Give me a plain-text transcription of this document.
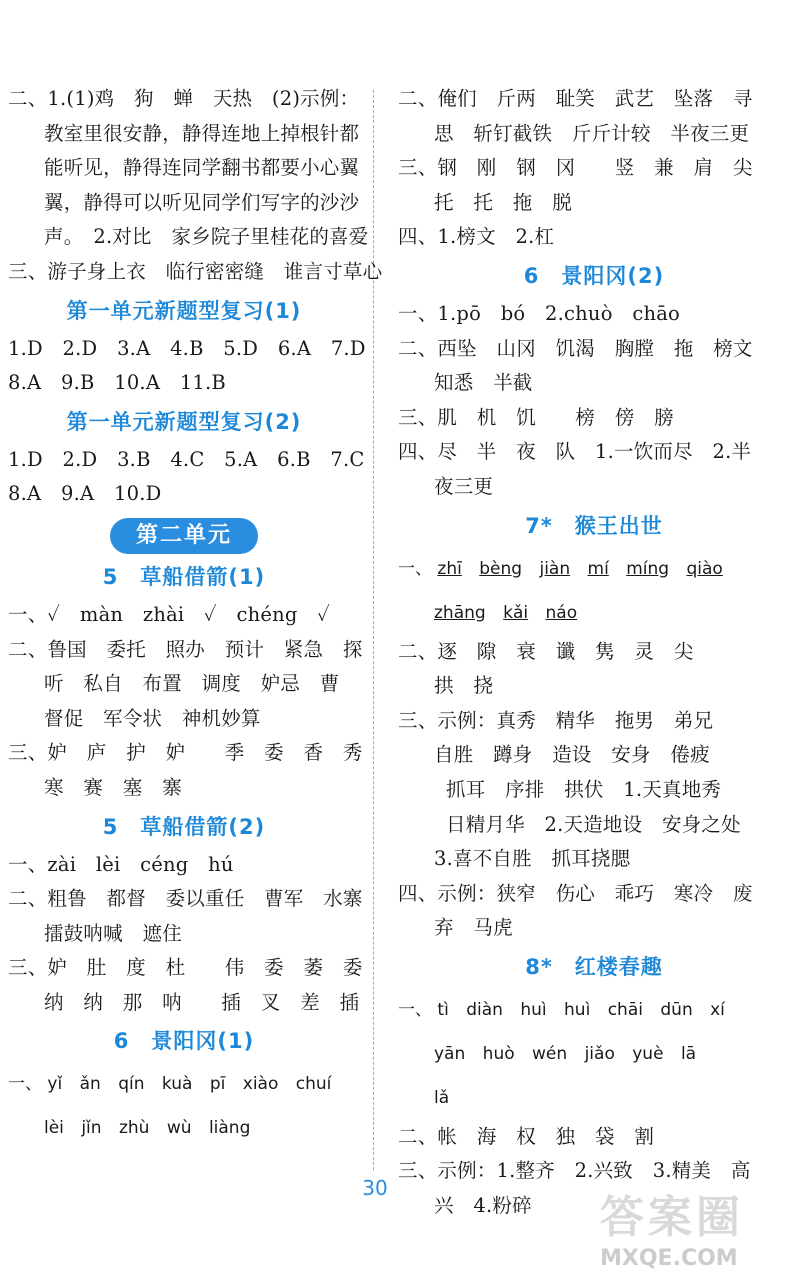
二、1.(1)鸡　狗　蝉　天热　(2)示例：
教室里很安静，静得连地上掉根针都
能听见，静得连同学翻书都要小心翼
翼，静得可以听见同学们写字的沙沙
声。　2.对比　家乡院子里桂花的喜爱
三、游子身上衣　临行密密缝　谁言寸草心
第一单元新题型复习(1)
1.D　2.D　3.A　4.B　5.D　6.A　7.D
8.A　9.B　10.A　11.B
第一单元新题型复习(2)
1.D　2.D　3.B　4.C　5.A　6.B　7.C
8.A　9.A　10.D
第二单元
5　草船借箭(1)
一、✓　màn　zhài　✓　chéng　✓
二、鲁国　委托　照办　预计　紧急　探
听　私自　布置　调度　妒忌　曹
督促　军令状　神机妙算
三、妒　庐　护　妒　　季　委　香　秀
寒　赛　塞　寨
5　草船借箭(2)
一、zài　lèi　céng　hú
二、粗鲁　都督　委以重任　曹军　水寨
擂鼓呐喊　遮住
三、妒　肚　度　杜　　伟　委　萎　委
纳　纳　那　呐　　插　叉　差　插
6　景阳冈(1)
一、 yǐ ǎn qín kuà pī xiào chuí
lèi jǐn zhù wù liàng
二、俺们　斤两　耻笑　武艺　坠落　寻
思　斩钉截铁　斤斤计较　半夜三更
三、钢　刚　钢　冈　　竖　兼　肩　尖
托　托　拖　脱
四、1.榜文　2.杠
6　景阳冈(2)
一、1.pō　bó　2.chuò　chāo
二、西坠　山冈　饥渴　胸膛　拖　榜文
知悉　半截
三、肌　机　饥　　榜　傍　膀
四、尽　半　夜　队　1.一饮而尽　2.半
夜三更
7*　猴王出世
一、 zhī bèng jiàn mí míng qiào
zhāng kǎi náo
二、逐　隙　衰　谶　隽　灵　尖
拱　挠
三、示例：真秀　精华　拖男　弟兄
自胜　蹲身　造设　安身　倦疲
抓耳　序排　拱伏　1.天真地秀
日精月华　2.天造地设　安身之处
3.喜不自胜　抓耳挠腮
四、示例：狭窄　伤心　乖巧　寒冷　废
弃　马虎
8*　红楼春趣
一、 tì diàn huì huì chāi dūn xí
yān huò wén jiǎo yuè lā
lǎ
二、帐　海　权　独　袋　割
三、示例：1.整齐　2.兴致　3.精美　高
兴　4.粉碎
30
答案圈
MXQE.COM
